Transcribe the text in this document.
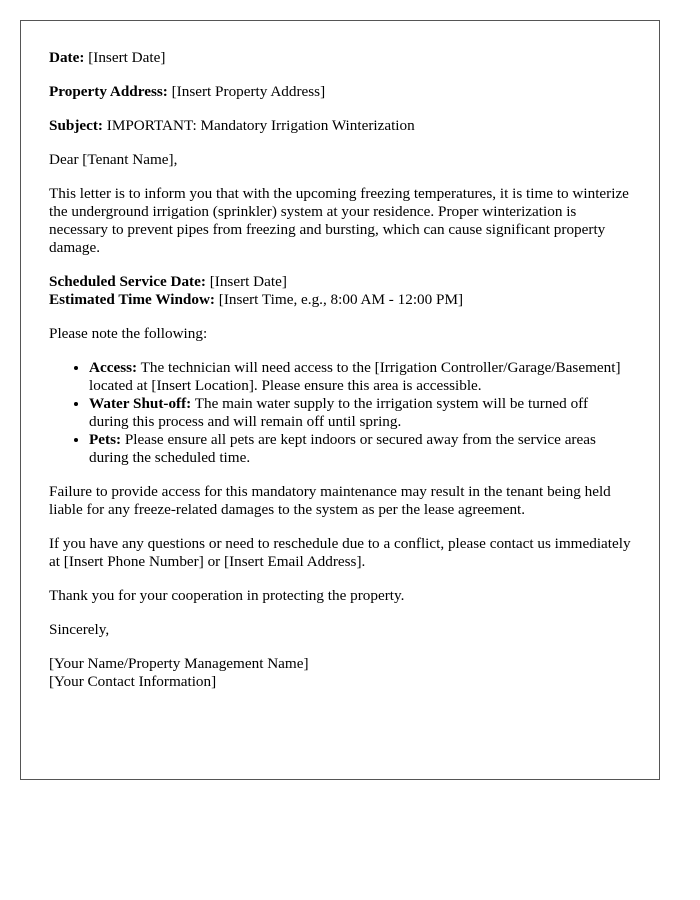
Date: [Insert Date]

Property Address: [Insert Property Address]

Subject: IMPORTANT: Mandatory Irrigation Winterization

Dear [Tenant Name],

This letter is to inform you that with the upcoming freezing temperatures, it is time to winterize the underground irrigation (sprinkler) system at your residence. Proper winterization is necessary to prevent pipes from freezing and bursting, which can cause significant property damage.

Scheduled Service Date: [Insert Date]

Estimated Time Window: [Insert Time, e.g., 8:00 AM - 12:00 PM]

Please note the following:

• Access: The technician will need access to the [Irrigation Controller/Garage/Basement] located at [Insert Location]. Please ensure this area is accessible.
• Water Shut-off: The main water supply to the irrigation system will be turned off during this process and will remain off until spring.
• Pets: Please ensure all pets are kept indoors or secured away from the service areas during the scheduled time.

Failure to provide access for this mandatory maintenance may result in the tenant being held liable for any freeze-related damages to the system as per the lease agreement.

If you have any questions or need to reschedule due to a conflict, please contact us immediately at [Insert Phone Number] or [Insert Email Address].

Thank you for your cooperation in protecting the property.

Sincerely,

[Your Name/Property Management Name]

[Your Contact Information]
